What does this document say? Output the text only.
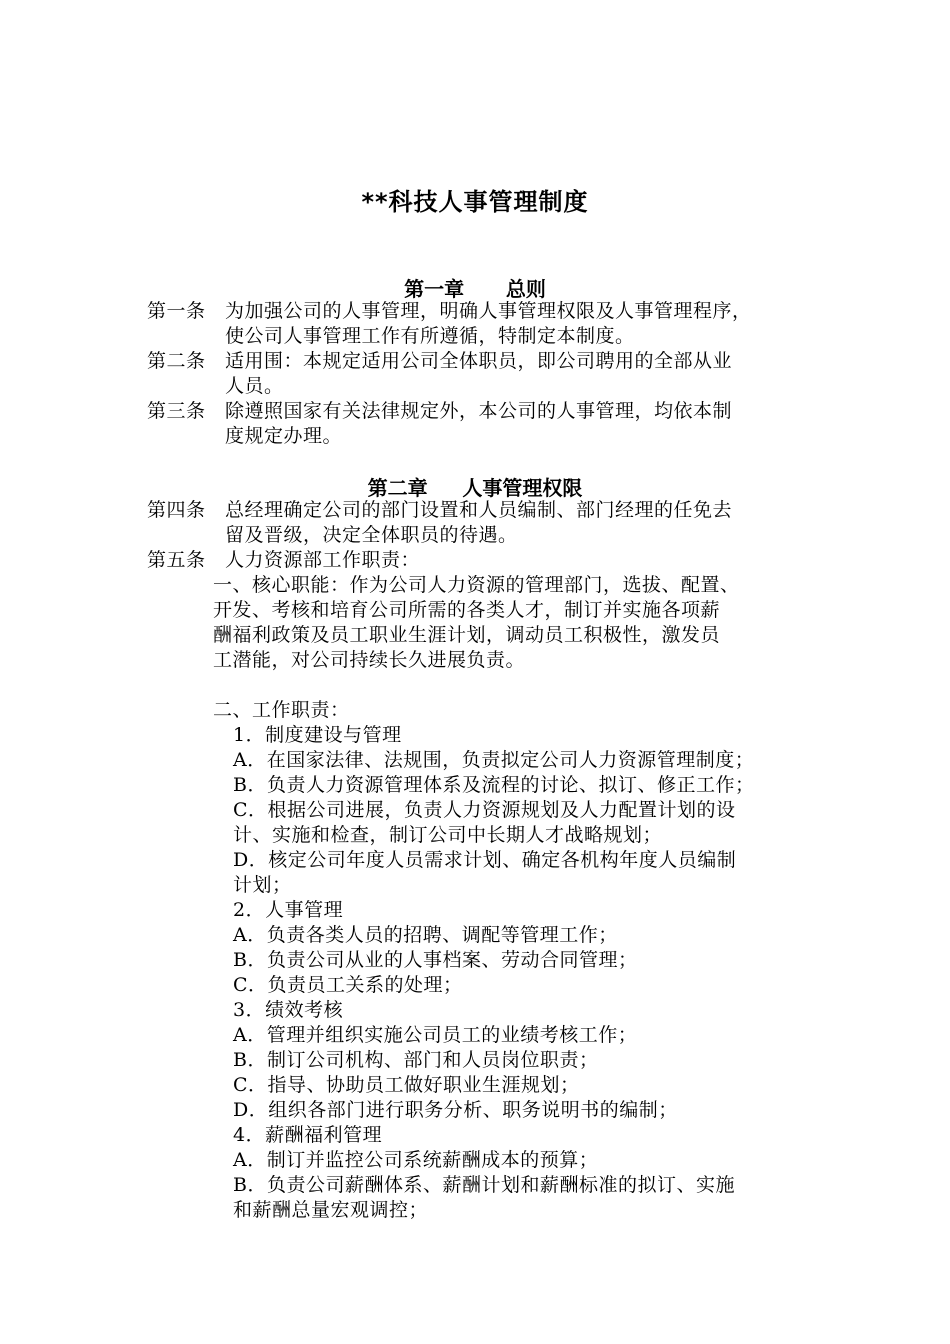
**科技人事管理制度
第一章      总则
第一条 为加强公司的人事管理，明确人事管理权限及人事管理程序，
使公司人事管理工作有所遵循，特制定本制度。
第二条 适用围：本规定适用公司全体职员，即公司聘用的全部从业
人员。
第三条 除遵照国家有关法律规定外，本公司的人事管理，均依本制
度规定办理。
第二章     人事管理权限
第四条 总经理确定公司的部门设置和人员编制、部门经理的任免去
留及晋级，决定全体职员的待遇。
第五条 人力资源部工作职责：
一、核心职能：作为公司人力资源的管理部门，选拔、配置、
开发、考核和培育公司所需的各类人才，制订并实施各项薪
酬福利政策及员工职业生涯计划，调动员工积极性，激发员
工潜能，对公司持续长久进展负责。
二、工作职责：
1．制度建设与管理
A．在国家法律、法规围，负责拟定公司人力资源管理制度；
B．负责人力资源管理体系及流程的讨论、拟订、修正工作；
C．根据公司进展，负责人力资源规划及人力配置计划的设
计、实施和检查，制订公司中长期人才战略规划；
D．核定公司年度人员需求计划、确定各机构年度人员编制
计划；
2．人事管理
A．负责各类人员的招聘、调配等管理工作；
B．负责公司从业的人事档案、劳动合同管理；
C．负责员工关系的处理；
3．绩效考核
A．管理并组织实施公司员工的业绩考核工作；
B．制订公司机构、部门和人员岗位职责；
C．指导、协助员工做好职业生涯规划；
D．组织各部门进行职务分析、职务说明书的编制；
4．薪酬福利管理
A．制订并监控公司系统薪酬成本的预算；
B．负责公司薪酬体系、薪酬计划和薪酬标准的拟订、实施
和薪酬总量宏观调控；
